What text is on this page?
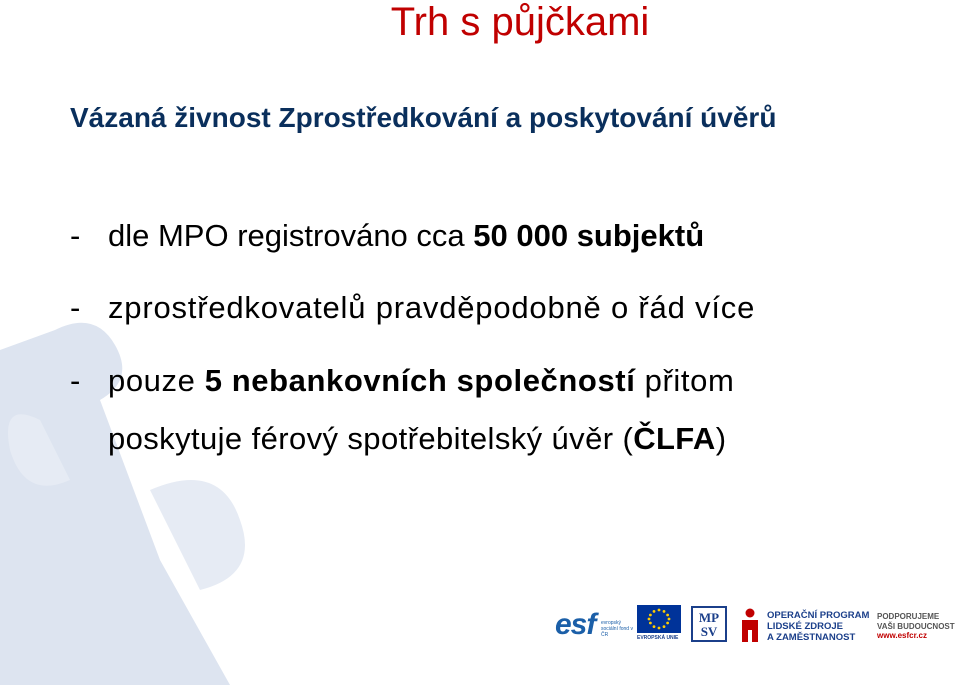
Trh s půjčkami
Vázaná živnost Zprostředkování a poskytování úvěrů
- dle MPO registrováno cca 50 000 subjektů
- zprostředkovatelů pravděpodobně o řád více
- pouze 5 nebankovních společností přitom
poskytuje férový spotřebitelský úvěr (ČLFA)
esf evropský sociální fond v ČR	EVROPSKÁ UNIE
MP
SV
OPERAČNÍ PROGRAM
LIDSKÉ ZDROJE
A ZAMĚSTNANOST
PODPORUJEME
VAŠI BUDOUCNOST
www.esfcr.cz
